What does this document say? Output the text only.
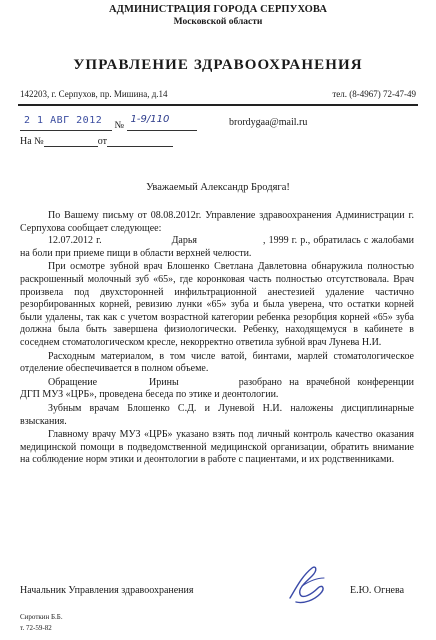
АДМИНИСТРАЦИЯ ГОРОДА СЕРПУХОВА
Московской области
УПРАВЛЕНИЕ ЗДРАВООХРАНЕНИЯ
142203, г. Серпухов, пр. Мишина, д.14	тел. (8-4967) 72-47-49
2 1 АВГ 2012 №
1-9/110	brordygaa@mail.ru
На №	от
Уважаемый Александр Бродяга!

По Вашему письму от 08.08.2012г. Управление здравоохранения Администрации г. Серпухова сообщает следующее:

12.07.2012 г.	Дарья	, 1999 г. р., обратилась с жалобами на боли при приеме пищи в области верхней челюсти.

При осмотре зубной врач Блошенко Светлана Давлетовна обнаружила полностью раскрошенный молочный зуб «65», где коронковая часть полностью отсутствовала. Врач произвела под двухсторонней инфильтрационной анестезией удаление частично резорбированных корней, ревизию лунки «65» зуба и была уверена, что остатки корней были удалены, так как с учетом возрастной категории ребенка резорбция корней «65» зуба должна была быть завершена физиологически. Ребенку, находящемуся в кабинете в соседнем стоматологическом кресле, некорректно ответила зубной врач Лунева Н.И.

Расходным материалом, в том числе ватой, бинтами, марлей стоматологическое отделение обеспечивается в полном объеме.

Обращение	Ирины	разобрано на врачебной конференции ДГП МУЗ «ЦРБ», проведена беседа по этике и деонтологии.

Зубным врачам Блошенко С.Д. и Луневой Н.И. наложены дисциплинарные взыскания.

Главному врачу МУЗ «ЦРБ» указано взять под личный контроль качество оказания медицинской помощи в подведомственной медицинской организации, обратить внимание на соблюдение норм этики и деонтологии в работе с пациентами, и их родственниками.

Начальник Управления здравоохранения	Е.Ю. Огнева
Сироткин Б.Б.
т. 72-59-82
